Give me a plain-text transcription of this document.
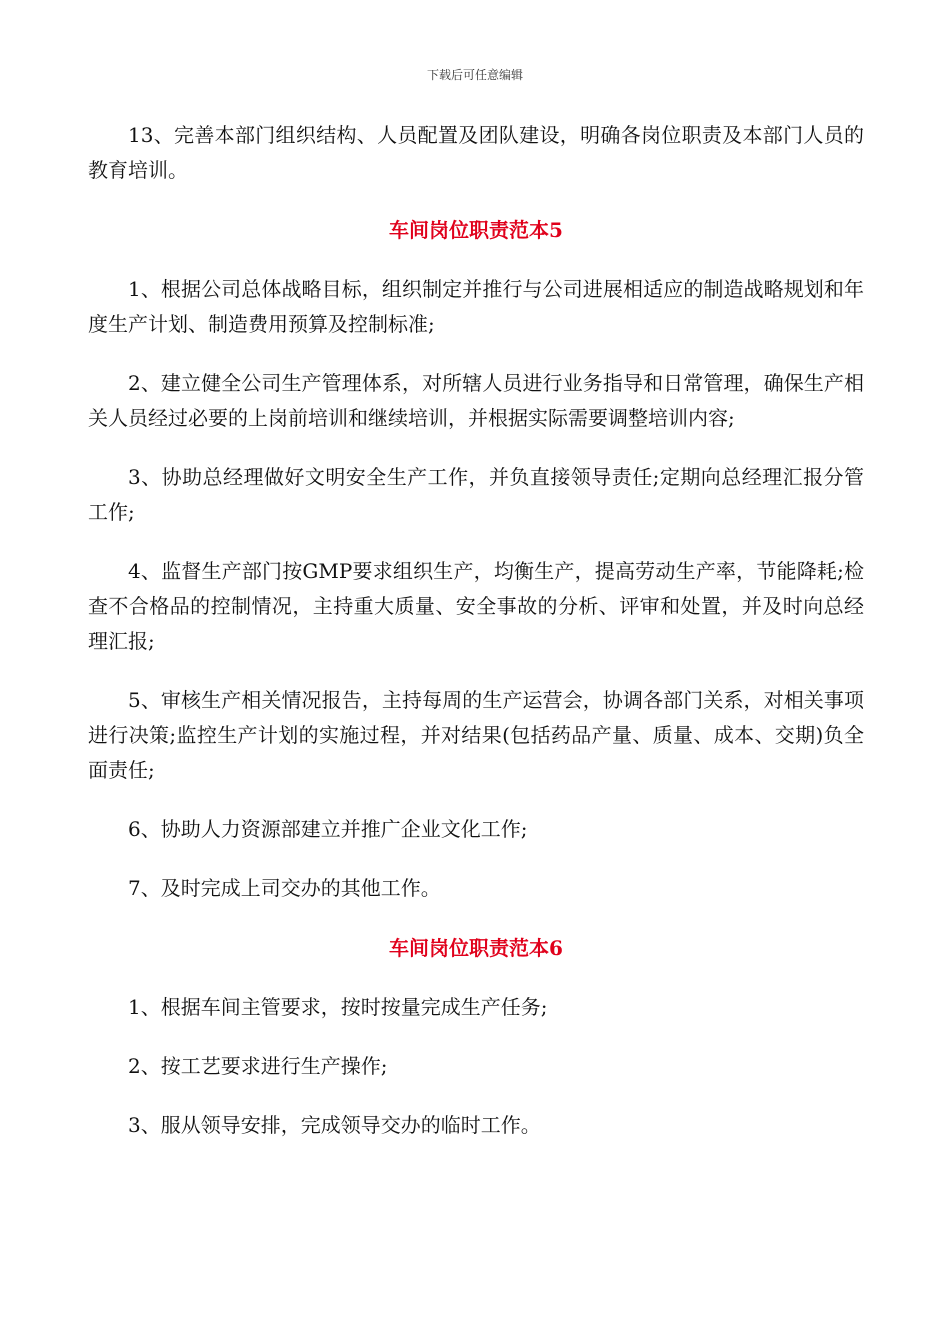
下载后可任意编辑

13、完善本部门组织结构、人员配置及团队建设，明确各岗位职责及本部门人员的教育培训。

车间岗位职责范本5

1、根据公司总体战略目标，组织制定并推行与公司进展相适应的制造战略规划和年度生产计划、制造费用预算及控制标准;

2、建立健全公司生产管理体系，对所辖人员进行业务指导和日常管理，确保生产相关人员经过必要的上岗前培训和继续培训，并根据实际需要调整培训内容;

3、协助总经理做好文明安全生产工作，并负直接领导责任;定期向总经理汇报分管工作;

4、监督生产部门按GMP要求组织生产，均衡生产，提高劳动生产率，节能降耗;检查不合格品的控制情况，主持重大质量、安全事故的分析、评审和处置，并及时向总经理汇报;

5、审核生产相关情况报告，主持每周的生产运营会，协调各部门关系，对相关事项进行决策;监控生产计划的实施过程，并对结果(包括药品产量、质量、成本、交期)负全面责任;

6、协助人力资源部建立并推广企业文化工作;

7、及时完成上司交办的其他工作。

车间岗位职责范本6

1、根据车间主管要求，按时按量完成生产任务;

2、按工艺要求进行生产操作;

3、服从领导安排，完成领导交办的临时工作。
